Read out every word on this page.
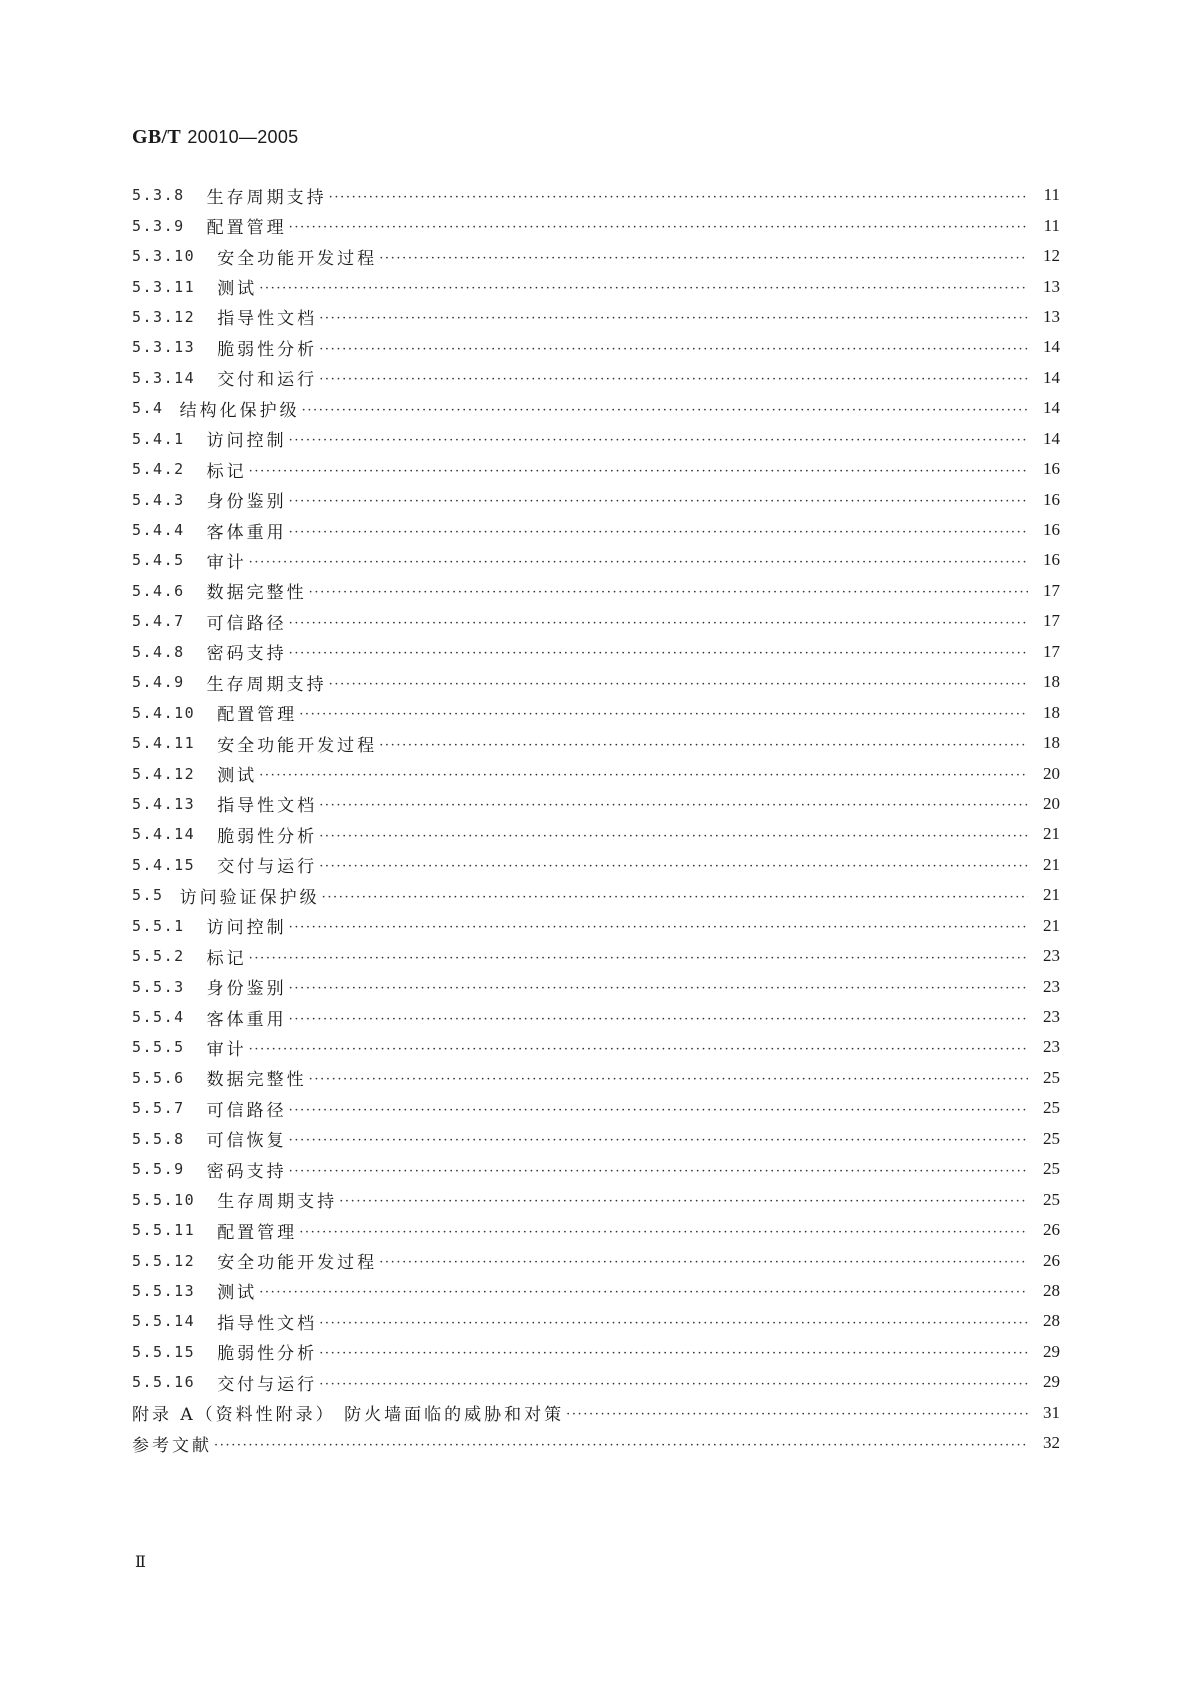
GB/T 20010—2005
5.3.8 生存周期支持 ·····	11
5.3.9 配置管理 ·····	11
5.3.10 安全功能开发过程 ·····	12
5.3.11 测试 ·····	13
5.3.12 指导性文档 ·····	13
5.3.13 脆弱性分析 ·····	14
5.3.14 交付和运行 ·····	14
5.4 结构化保护级 ·····	14
5.4.1 访问控制 ·····	14
5.4.2 标记 ·····	16
5.4.3 身份鉴别 ·····	16
5.4.4 客体重用 ·····	16
5.4.5 审计 ·····	16
5.4.6 数据完整性 ·····	17
5.4.7 可信路径 ·····	17
5.4.8 密码支持 ·····	17
5.4.9 生存周期支持 ·····	18
5.4.10 配置管理 ·····	18
5.4.11 安全功能开发过程 ·····	18
5.4.12 测试 ·····	20
5.4.13 指导性文档 ·····	20
5.4.14 脆弱性分析 ·····	21
5.4.15 交付与运行 ·····	21
5.5 访问验证保护级 ·····	21
5.5.1 访问控制 ·····	21
5.5.2 标记 ·····	23
5.5.3 身份鉴别 ·····	23
5.5.4 客体重用 ·····	23
5.5.5 审计 ·····	23
5.5.6 数据完整性 ·····	25
5.5.7 可信路径 ·····	25
5.5.8 可信恢复 ·····	25
5.5.9 密码支持 ·····	25
5.5.10 生存周期支持 ·····	25
5.5.11 配置管理 ·····	26
5.5.12 安全功能开发过程 ·····	26
5.5.13 测试 ·····	28
5.5.14 指导性文档 ·····	28
5.5.15 脆弱性分析 ·····	29
5.5.16 交付与运行 ·····	29
附录 A（资料性附录） 防火墙面临的威胁和对策 ·····	31
参考文献 ·····	32
Ⅱ
